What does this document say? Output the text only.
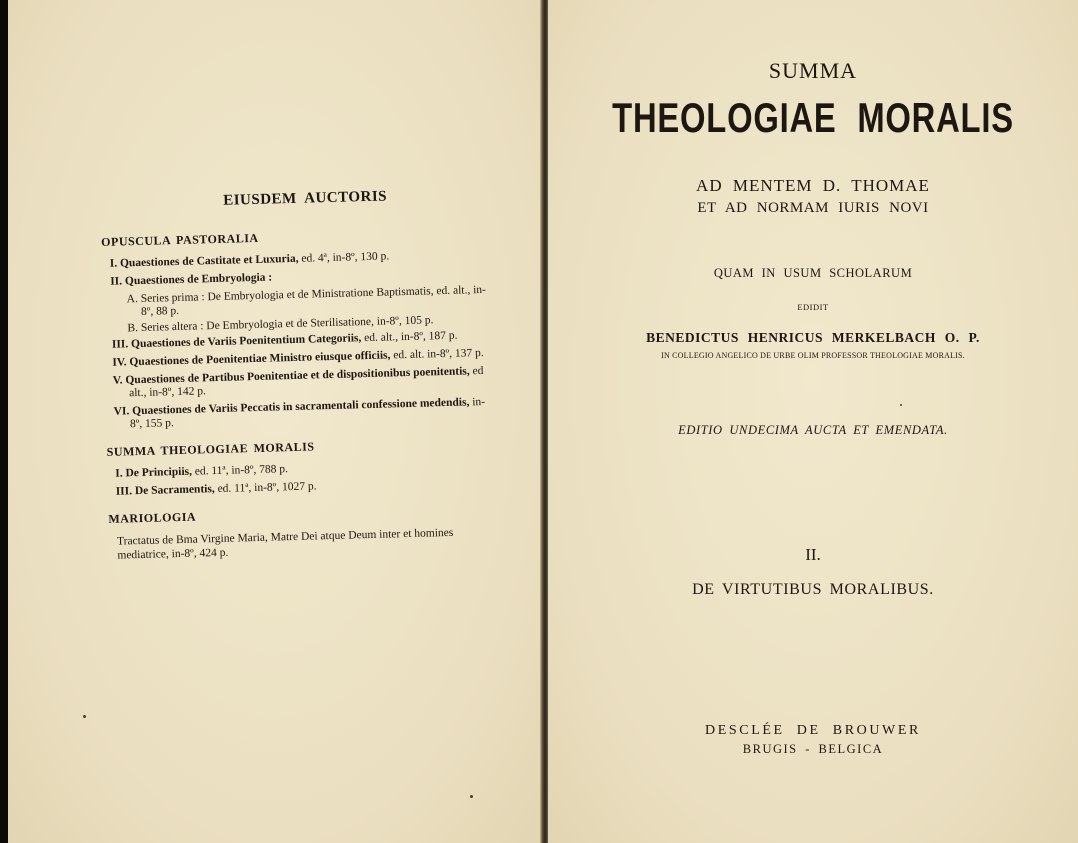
EIUSDEM AUCTORIS
OPUSCULA PASTORALIA
I. Quaestiones de Castitate et Luxuria, ed. 4ª, in-8º, 130 p.
II. Quaestiones de Embryologia :
A. Series prima : De Embryologia et de Ministratione Baptismatis, ed. alt., in-8º, 88 p.
B. Series altera : De Embryologia et de Sterilisatione, in-8º, 105 p.
III. Quaestiones de Variis Poenitentium Categoriis, ed. alt., in-8º, 187 p.
IV. Quaestiones de Poenitentiae Ministro eiusque officiis, ed. alt. in-8º, 137 p.
V. Quaestiones de Partibus Poenitentiae et de dispositionibus poenitentis, ed alt., in-8º, 142 p.
VI. Quaestiones de Variis Peccatis in sacramentali confessione medendis, in-8º, 155 p.
SUMMA THEOLOGIAE MORALIS
I. De Principiis, ed. 11ª, in-8º, 788 p.
III. De Sacramentis, ed. 11ª, in-8º, 1027 p.
MARIOLOGIA
Tractatus de Bma Virgine Maria, Matre Dei atque Deum inter et homines mediatrice, in-8º, 424 p.
SUMMA
THEOLOGIAE MORALIS
AD MENTEM D. THOMAE
ET AD NORMAM IURIS NOVI
QUAM IN USUM SCHOLARUM
EDIDIT
BENEDICTUS HENRICUS MERKELBACH O. P.
IN COLLEGIO ANGELICO DE URBE OLIM PROFESSOR THEOLOGIAE MORALIS.
EDITIO UNDECIMA AUCTA ET EMENDATA.
II.
DE VIRTUTIBUS MORALIBUS.
DESCLÉE DE BROUWER
BRUGIS - BELGICA
